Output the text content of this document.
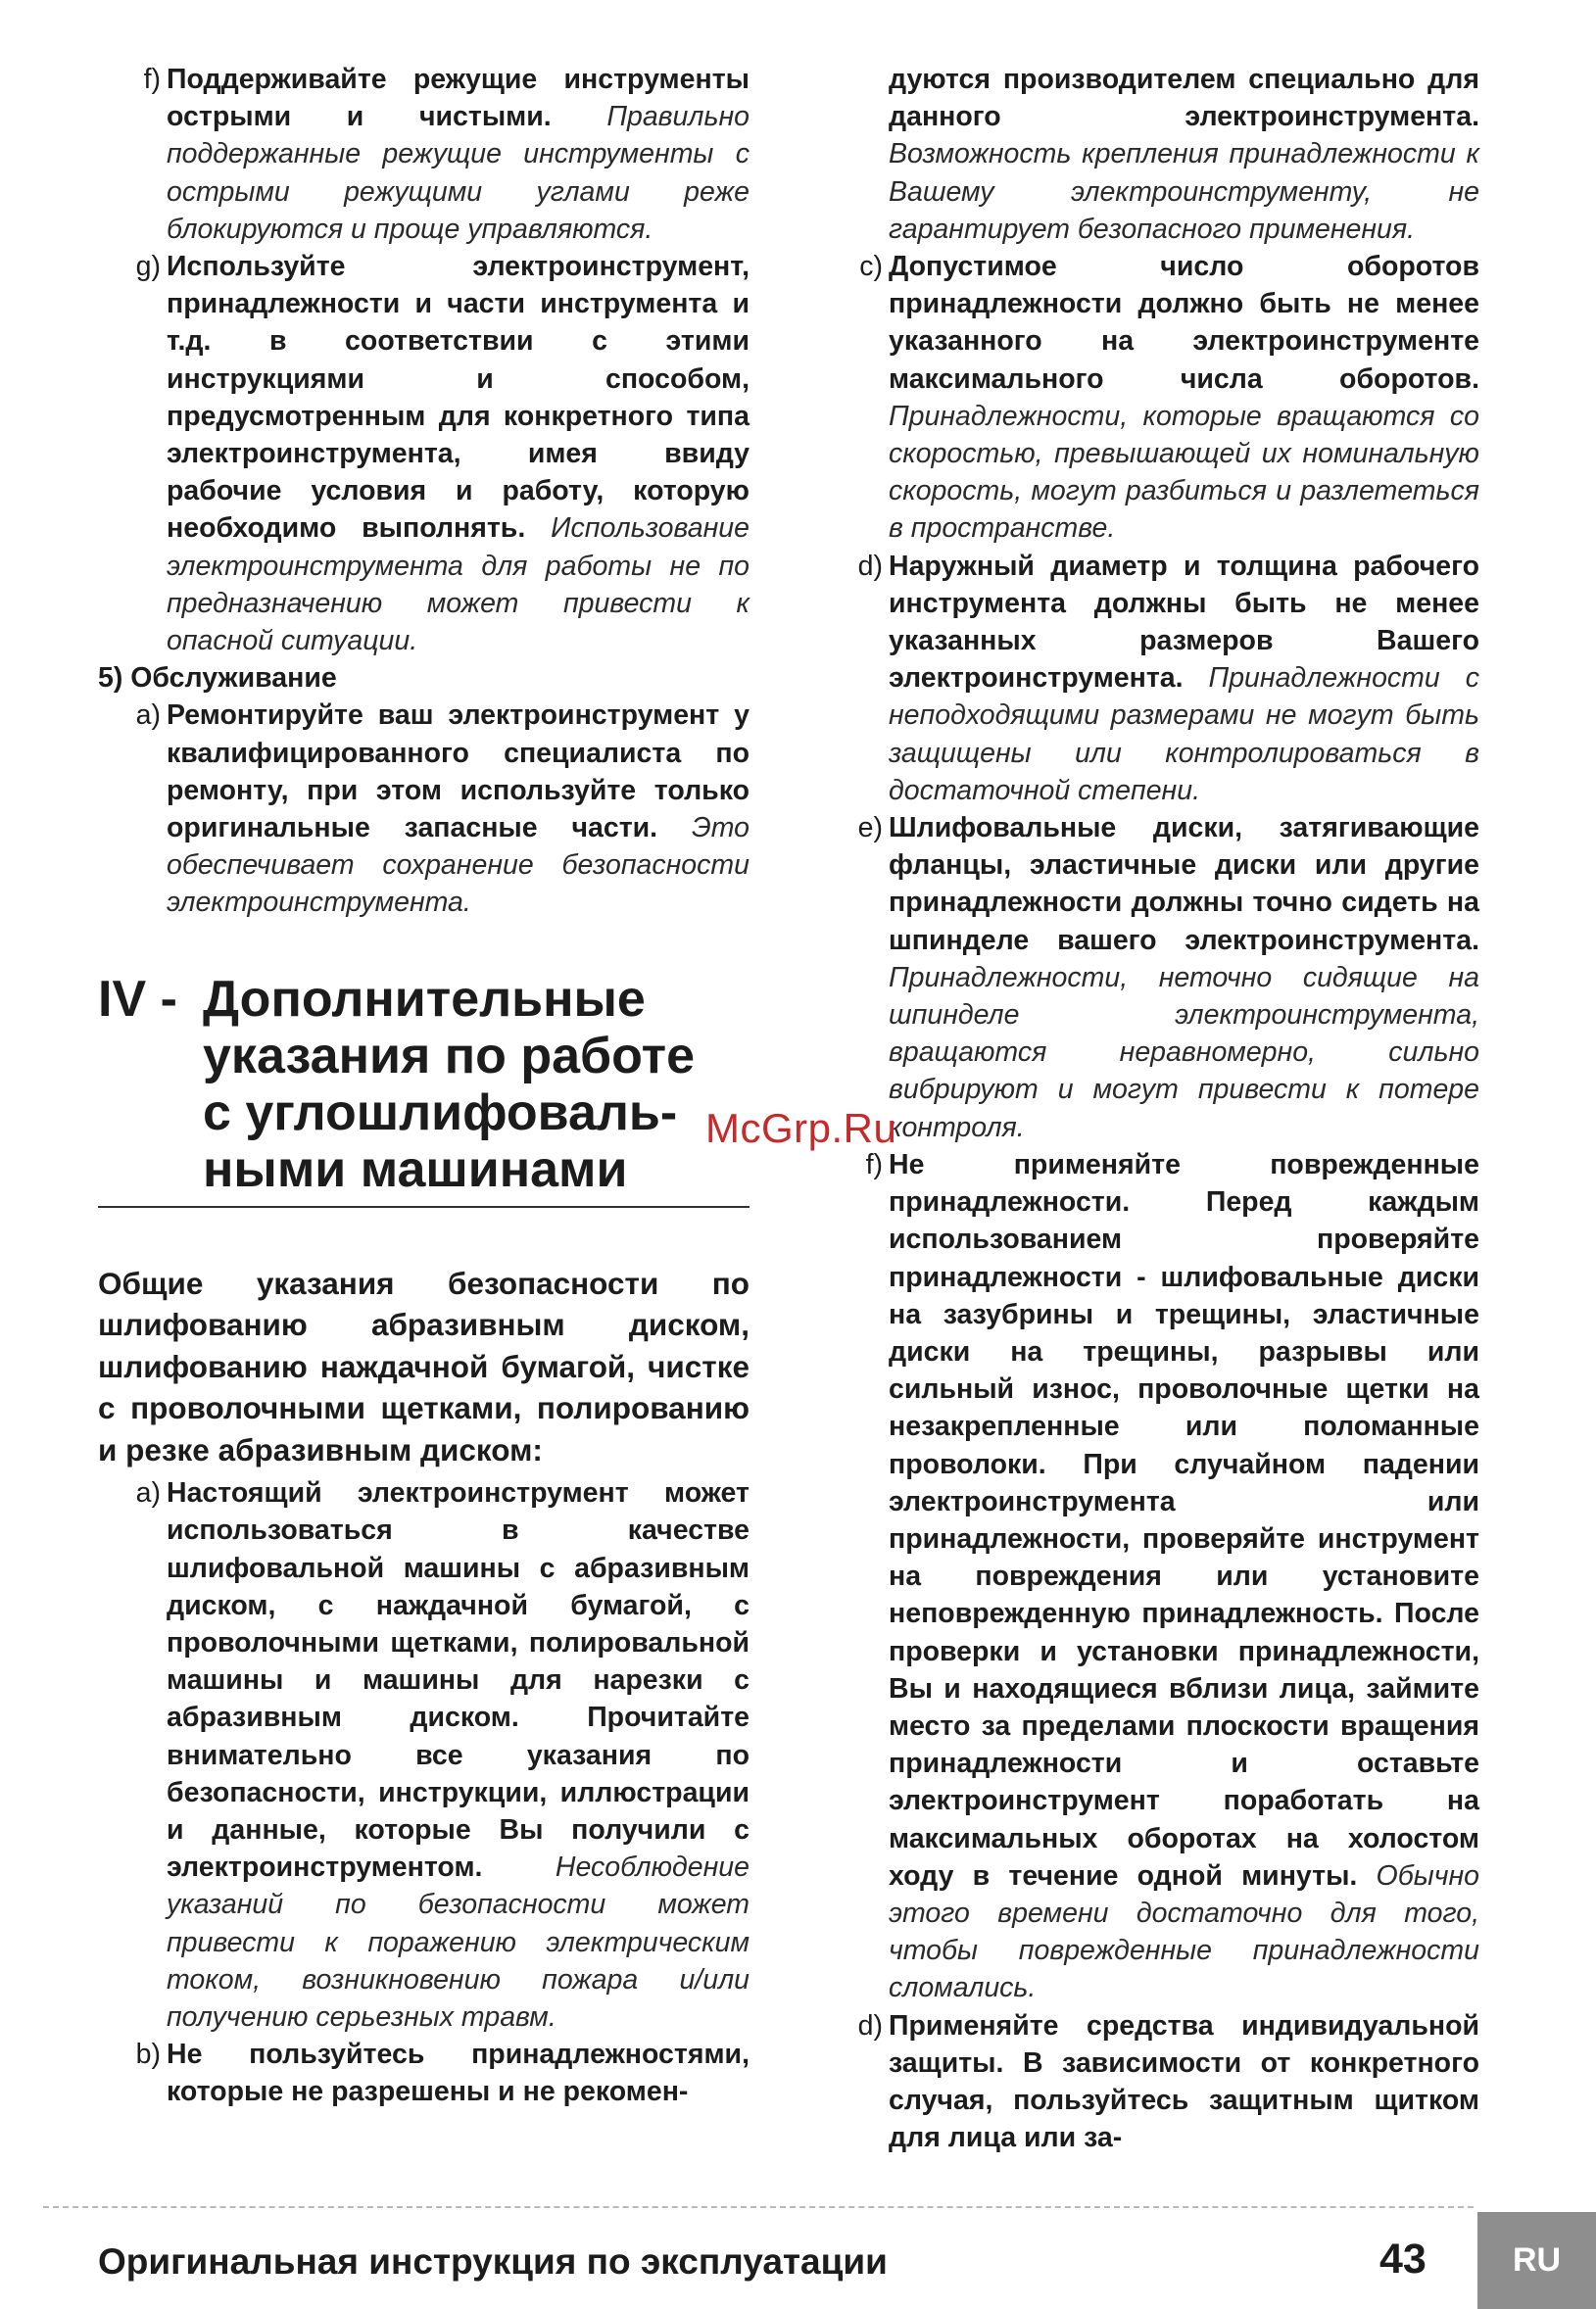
f) Поддерживайте режущие инструменты острыми и чистыми. Правильно поддержанные режущие инструменты с острыми режущими углами реже блокируются и проще управляются.
g) Используйте электроинструмент, принадлежности и части инструмента и т.д. в соответствии с этими инструкциями и способом, предусмотренным для конкретного типа электроинструмента, имея ввиду рабочие условия и работу, которую необходимо выполнять. Использование электроинструмента для работы не по предназначению может привести к опасной ситуации.
5) Обслуживание
a) Ремонтируйте ваш электроинструмент у квалифицированного специалиста по ремонту, при этом используйте только оригинальные запасные части. Это обеспечивает сохранение безопасности электроинструмента.
IV - Дополнительные
указания по работе
с углошлифоваль-
ными машинами
Общие указания безопасности по шлифованию абразивным диском, шлифованию наждачной бумагой, чистке с проволочными щетками, полированию и резке абразивным диском:
a) Настоящий электроинструмент может использоваться в качестве шлифовальной машины с абразивным диском, с наждачной бумагой, с проволочными щетками, полировальной машины и машины для нарезки с абразивным диском. Прочитайте внимательно все указания по безопасности, инструкции, иллюстрации и данные, которые Вы получили с электроинструментом.	Несоблюдение указаний по безопасности может привести к поражению электрическим током, возникновению пожара и/или получению серьезных травм.
b) Не пользуйтесь принадлежностями, которые не разрешены и не рекомен-
дуются производителем специально для данного электроинструмента. Возможность крепления принадлежности к Вашему электроинструменту, не гарантирует безопасного применения.
c) Допустимое число оборотов принадлежности должно быть не менее указанного на электроинструменте максимального числа оборотов. Принадлежности, которые вращаются со скоростью, превышающей их номинальную скорость, могут разбиться и разлететься в пространстве.
d) Наружный диаметр и толщина рабочего инструмента должны быть не менее указанных размеров Вашего электроинструмента. Принадлежности с неподходящими размерами не могут быть защищены или контролироваться в достаточной степени.
e) Шлифовальные диски, затягивающие фланцы, эластичные диски или другие принадлежности должны точно сидеть на шпинделе вашего электроинструмента. Принадлежности, неточно сидящие на шпинделе электроинструмента, вращаются неравномерно, сильно вибрируют и могут привести к потере контроля.
f) Не применяйте поврежденные принадлежности. Перед каждым использованием проверяйте принадлежности - шлифовальные диски на зазубрины и трещины, эластичные диски на трещины, разрывы или сильный износ, проволочные щетки на незакрепленные или поломанные проволоки. При случайном падении электроинструмента или принадлежности, проверяйте инструмент на повреждения или установите неповрежденную принадлежность. После проверки и установки принадлежности, Вы и находящиеся вблизи лица, займите место за пределами плоскости вращения принадлежности и оставьте электроинструмент поработать на максимальных оборотах на холостом ходу в течение одной минуты. Обычно этого времени достаточно для того, чтобы поврежденные принадлежности сломались.
d) Применяйте средства индивидуальной защиты. В зависимости от конкретного случая, пользуйтесь защитным щитком для лица или за-
McGrp.Ru
Оригинальная инструкция по эксплуатации	43	RU
